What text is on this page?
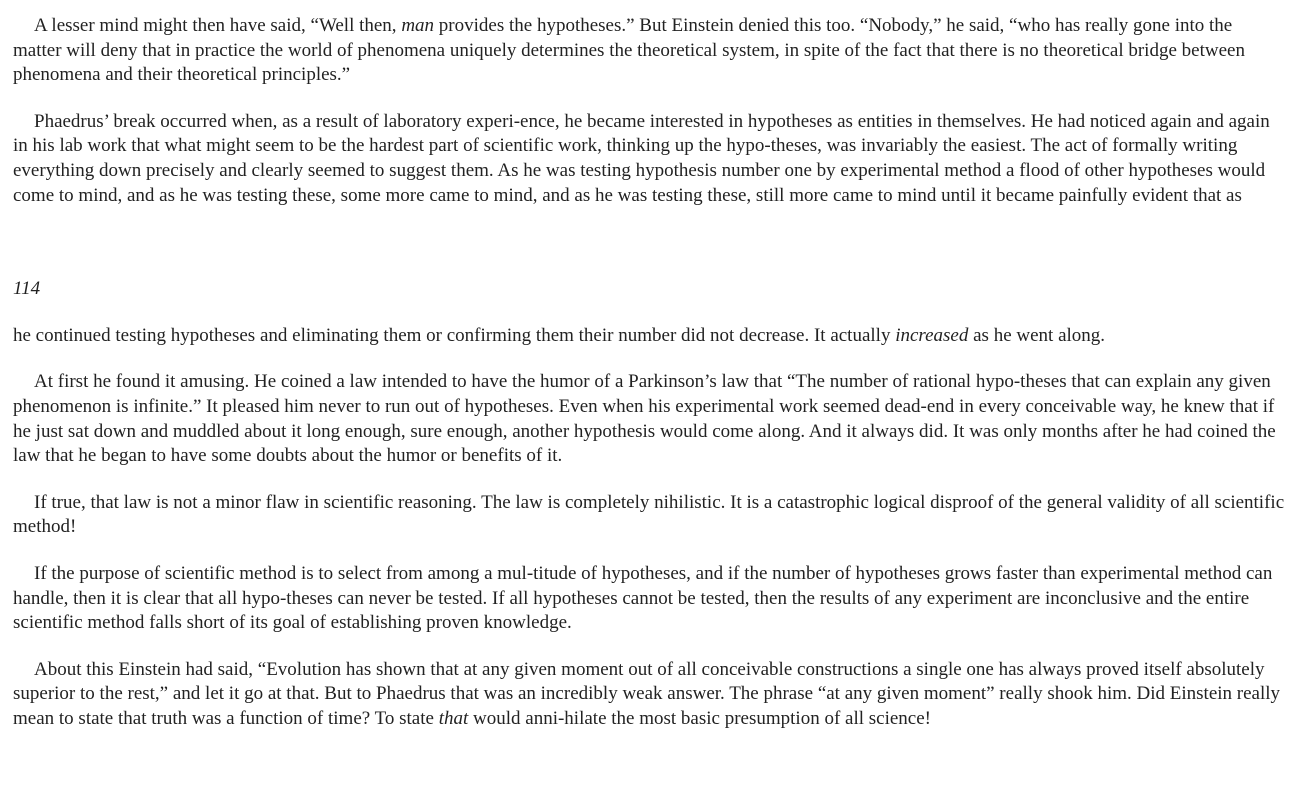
A lesser mind might then have said, “Well then, man provides the hypotheses.” But Einstein denied this too. “Nobody,” he said, “who has really gone into the matter will deny that in practice the world of phenomena uniquely determines the theoretical system, in spite of the fact that there is no theoretical bridge between phenomena and their theoretical principles.”

Phaedrus’ break occurred when, as a result of laboratory experi-ence, he became interested in hypotheses as entities in themselves. He had noticed again and again in his lab work that what might seem to be the hardest part of scientific work, thinking up the hypo-theses, was invariably the easiest. The act of formally writing everything down precisely and clearly seemed to suggest them. As he was testing hypothesis number one by experimental method a flood of other hypotheses would come to mind, and as he was testing these, some more came to mind, and as he was testing these, still more came to mind until it became painfully evident that as

114

he continued testing hypotheses and eliminating them or confirming them their number did not decrease. It actually increased as he went along.

At first he found it amusing. He coined a law intended to have the humor of a Parkinson’s law that “The number of rational hypo-theses that can explain any given phenomenon is infinite.” It pleased him never to run out of hypotheses. Even when his experimental work seemed dead-end in every conceivable way, he knew that if he just sat down and muddled about it long enough, sure enough, another hypothesis would come along. And it always did. It was only months after he had coined the law that he began to have some doubts about the humor or benefits of it.

If true, that law is not a minor flaw in scientific reasoning. The law is completely nihilistic. It is a catastrophic logical disproof of the general validity of all scientific method!

If the purpose of scientific method is to select from among a mul-titude of hypotheses, and if the number of hypotheses grows faster than experimental method can handle, then it is clear that all hypo-theses can never be tested. If all hypotheses cannot be tested, then the results of any experiment are inconclusive and the entire scientific method falls short of its goal of establishing proven knowledge.

About this Einstein had said, “Evolution has shown that at any given moment out of all conceivable constructions a single one has always proved itself absolutely superior to the rest,” and let it go at that. But to Phaedrus that was an incredibly weak answer. The phrase “at any given moment” really shook him. Did Einstein really mean to state that truth was a function of time? To state that would anni-hilate the most basic presumption of all science!
